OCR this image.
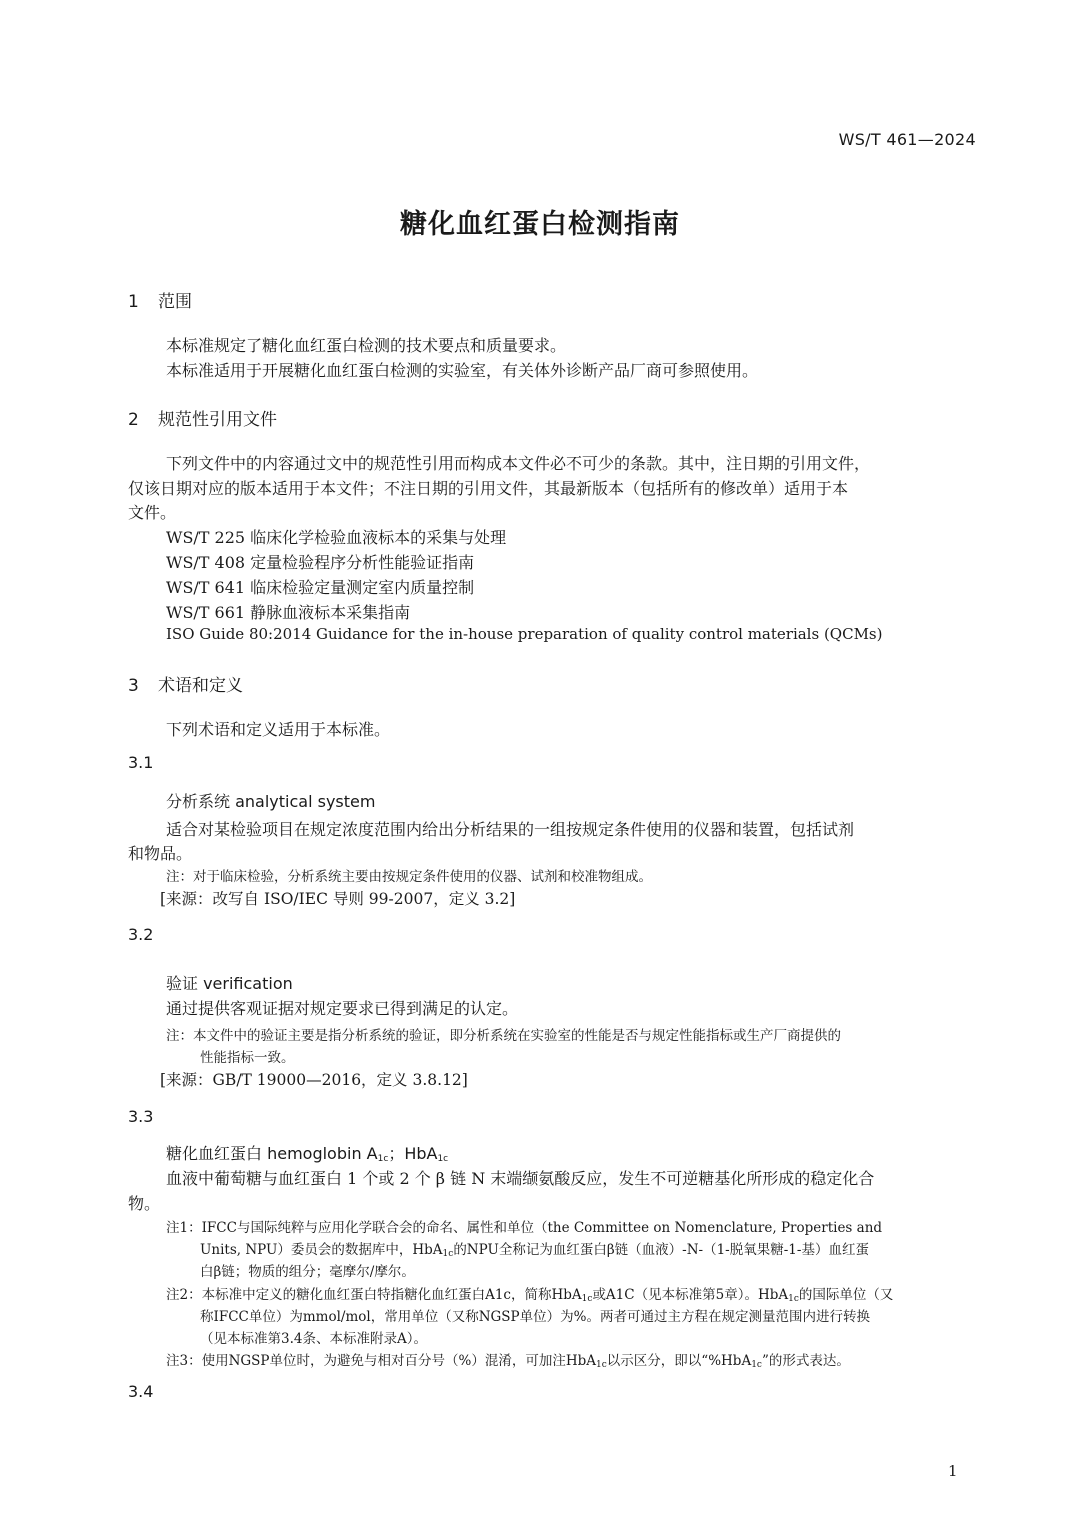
WS/T 461—2024
糖化血红蛋白检测指南
1 范围
本标准规定了糖化血红蛋白检测的技术要点和质量要求。
本标准适用于开展糖化血红蛋白检测的实验室，有关体外诊断产品厂商可参照使用。
2 规范性引用文件
下列文件中的内容通过文中的规范性引用而构成本文件必不可少的条款。其中，注日期的引用文件，
仅该日期对应的版本适用于本文件；不注日期的引用文件，其最新版本（包括所有的修改单）适用于本
文件。
WS/T 225 临床化学检验血液标本的采集与处理
WS/T 408 定量检验程序分析性能验证指南
WS/T 641 临床检验定量测定室内质量控制
WS/T 661 静脉血液标本采集指南
ISO Guide 80:2014 Guidance for the in-house preparation of quality control materials (QCMs)
3 术语和定义
下列术语和定义适用于本标准。
3.1
分析系统 analytical system
适合对某检验项目在规定浓度范围内给出分析结果的一组按规定条件使用的仪器和装置，包括试剂
和物品。
注：对于临床检验，分析系统主要由按规定条件使用的仪器、试剂和校准物组成。
[来源：改写自 ISO/IEC 导则 99-2007，定义 3.2]
3.2
验证 verification
通过提供客观证据对规定要求已得到满足的认定。
注：本文件中的验证主要是指分析系统的验证，即分析系统在实验室的性能是否与规定性能指标或生产厂商提供的
性能指标一致。
[来源：GB/T 19000—2016，定义 3.8.12]
3.3
糖化血红蛋白 hemoglobin $A_{1c}$；HbA$_{1c}$
血液中葡萄糖与血红蛋白 1 个或 2 个 β 链 N 末端缬氨酸反应，发生不可逆糖基化所形成的稳定化合
物。
注1：IFCC与国际纯粹与应用化学联合会的命名、属性和单位（the Committee on Nomenclature, Properties and
Units, NPU）委员会的数据库中，HbA$_{1c}$的NPU全称记为血红蛋白β链（血液）-N-（1-脱氧果糖-1-基）血红蛋
白β链；物质的组分；毫摩尔/摩尔。
注2：本标准中定义的糖化血红蛋白特指糖化血红蛋白A1c，简称HbA$_{1c}$或A1C（见本标准第5章）。HbA$_{1c}$的国际单位（又
称IFCC单位）为mmol/mol，常用单位（又称NGSP单位）为%。两者可通过主方程在规定测量范围内进行转换
（见本标准第3.4条、本标准附录A）。
注3：使用NGSP单位时，为避免与相对百分号（%）混淆，可加注HbA$_{1c}$以示区分，即以“%HbA$_{1c}$”的形式表达。
3.4
1
